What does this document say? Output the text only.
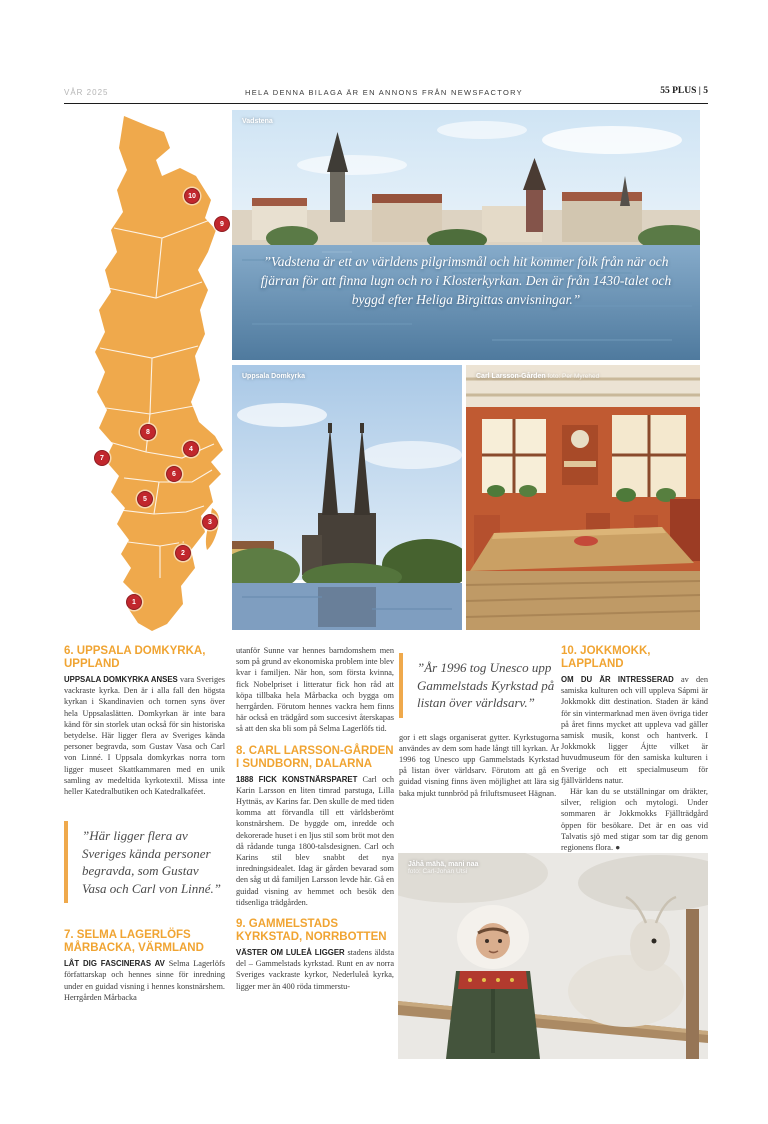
VÅR 2025	HELA DENNA BILAGA ÄR EN ANNONS FRÅN NEWSFACTORY	55 PLUS | 5
10
9
8
4
7
6
5
3
2
1
Vadstena
”Vadstena är ett av världens pilgrimsmål och hit kommer folk från när och fjärran för att finna lugn och ro i Klosterkyrkan. Den är från 1430-talet och byggd efter Heliga Birgittas anvisningar.”
Uppsala Domkyrka	Carl Larsson-Gården foto: Per Myrehed
6. UPPSALA DOMKYRKA, UPPLAND

UPPSALA DOMKYRKA ANSES vara Sveriges vackraste kyrka. Den är i alla fall den högsta kyrkan i Skandinavien och tornen syns över hela Uppsalaslätten. Domkyrkan är inte bara känd för sin storlek utan också för sin historiska betydelse. Här ligger flera av Sveriges kända personer begravda, som Gustav Vasa och Carl von Linné. I Uppsala domkyrkas norra torn ligger museet Skattkammaren med en unik samling av medeltida kyrkotextil. Missa inte heller Katedralbutiken och Katedralkaféet.

”Här ligger flera av Sveriges kända personer begravda, som Gustav Vasa och Carl von Linné.”
7. SELMA LAGERLÖFS MÅRBACKA, VÄRMLAND

LÅT DIG FASCINERAS AV Selma Lagerlöfs författarskap och hennes sinne för inredning under en guidad visning i hennes konstnärshem. Herrgården Mårbacka

utanför Sunne var hennes barndomshem men som på grund av ekonomiska problem inte blev kvar i familjen. När hon, som första kvinna, fick Nobelpriset i litteratur fick hon råd att köpa tillbaka hela Mårbacka och bygga om herrgården. Förutom hennes vackra hem finns här också en trädgård som succesivt återskapas så att den ska bli som på Selma Lagerlöfs tid.

8. CARL LARSSON-GÅRDEN I SUNDBORN, DALARNA

1888 FICK KONSTNÄRSPARET Carl och Karin Larsson en liten timrad parstuga, Lilla Hyttnäs, av Karins far. Den skulle de med tiden komma att förvandla till ett världsberömt konstnärshem. De byggde om, inredde och dekorerade huset i en ljus stil som bröt mot den då rådande tunga 1800-talsdesignen. Carl och Karins stil blev snabbt det nya inredningsidealet. Idag är gården bevarad som den såg ut då familjen Larsson levde här. Gå en guidad visning av hemmet och besök den tidsenliga trädgården.

9. GAMMELSTADS KYRKSTAD, NORRBOTTEN

VÄSTER OM LULEÅ LIGGER stadens äldsta del – Gammelstads kyrkstad. Runt en av norra Sveriges vackraste kyrkor, Nederluleå kyrka, ligger mer än 400 röda timmerstu-

”År 1996 tog Unesco upp Gammelstads Kyrkstad på listan över världsarv.”

gor i ett slags organiserat gytter. Kyrkstugorna användes av dem som hade långt till kyrkan. År 1996 tog Unesco upp Gammelstads Kyrkstad på listan över världsarv. Förutom att gå en guidad visning finns även möjlighet att lära sig baka mjukt tunnbröd på friluftsmuseet Hägnan.

10. JOKKMOKK, LAPPLAND

OM DU ÄR INTRESSERAD av den samiska kulturen och vill uppleva Sápmi är Jokkmokk ditt destination. Staden är känd för sin vintermarknad men även övriga tider på året finns mycket att uppleva vad gäller samisk musik, konst och hantverk. I Jokkmokk ligger Ájtte vilket är huvudmuseum för den samiska kulturen i Sverige och ett specialmuseum för fjällvärldens natur.

Här kan du se utställningar om dräkter, silver, religion och mytologi. Under sommaren är Jokkmokks Fjällträdgård öppen för besökare. Det är en oas vid Talvatis sjö med stigar som tar dig genom regionens flora. ●

Jåhå mähä, mani naa
foto: Carl-Johan Utsi
